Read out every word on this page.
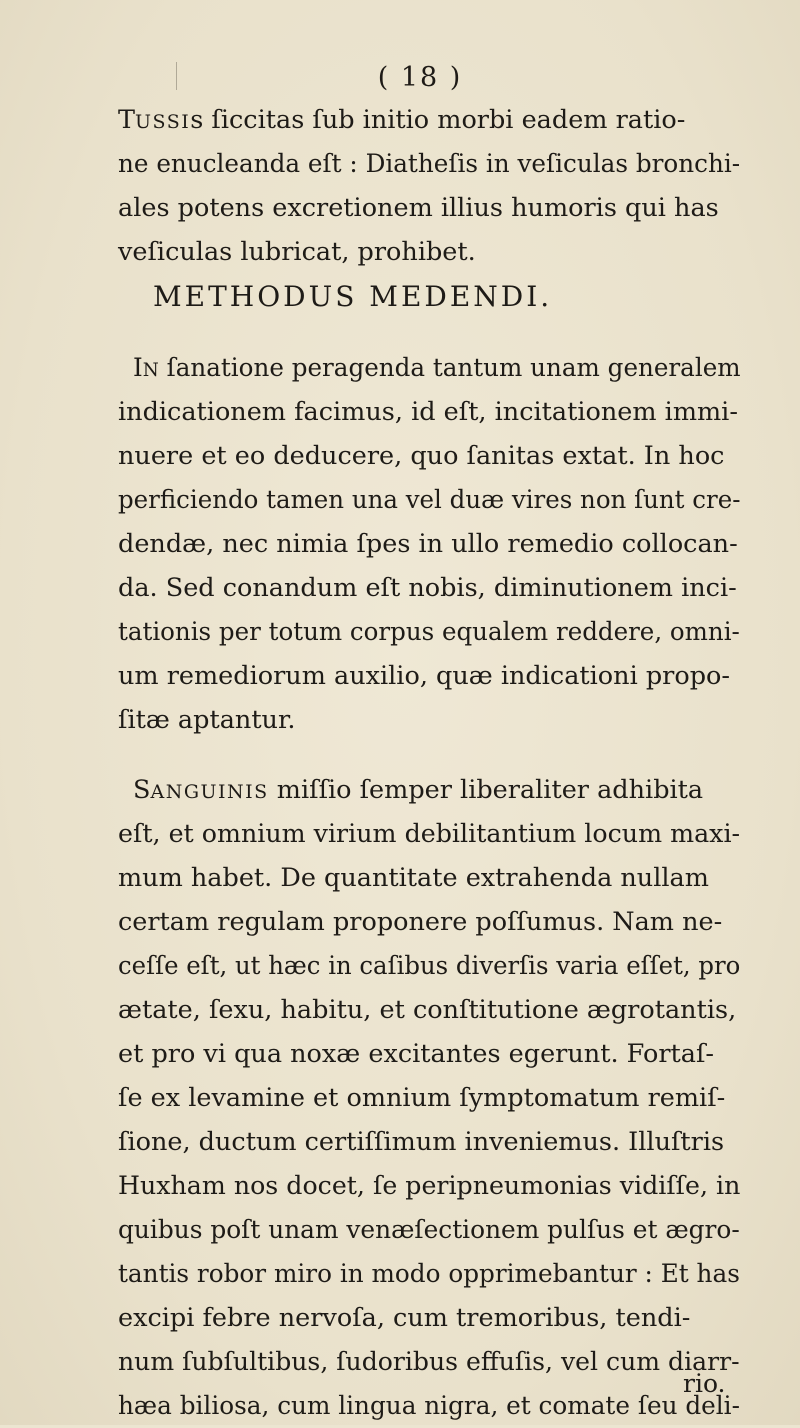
( 18 )
TUSSIs ſiccitas ſub initio morbi eadem ratio-
ne enucleanda eſt : Diatheſis in veſiculas bronchi-
ales potens excretionem illius humoris qui has
veſiculas lubricat, prohibet.
METHODUS MEDENDI.
IN ſanatione peragenda tantum unam generalem
indicationem facimus, id eſt, incitationem immi-
nuere et eo deducere, quo ſanitas extat. In hoc
perficiendo tamen una vel duæ vires non ſunt cre-
dendæ, nec nimia ſpes in ullo remedio collocan-
da. Sed conandum eſt nobis, diminutionem inci-
tationis per totum corpus equalem reddere, omni-
um remediorum auxilio, quæ indicationi propo-
ſitæ aptantur.
SANGUINIS miſſio ſemper liberaliter adhibita
eſt, et omnium virium debilitantium locum maxi-
mum habet. De quantitate extrahenda nullam
certam regulam proponere poſſumus. Nam ne-
ceſſe eſt, ut hæc in caſibus diverſis varia eſſet, pro
ætate, ſexu, habitu, et conſtitutione ægrotantis,
et pro vi qua noxæ excitantes egerunt. Fortaſ-
ſe ex levamine et omnium ſymptomatum remiſ-
ſione, ductum certiſſimum inveniemus. Illuſtris
Huxham nos docet, ſe peripneumonias vidiſſe, in
quibus poſt unam venæſectionem pulſus et ægro-
tantis robor miro in modo opprimebantur : Et has
excipi febre nervoſa, cum tremoribus, tendi-
num ſubſultibus, ſudoribus effuſis, vel cum diarr-
hæa biliosa, cum lingua nigra, et comate ſeu deli-
rio.
